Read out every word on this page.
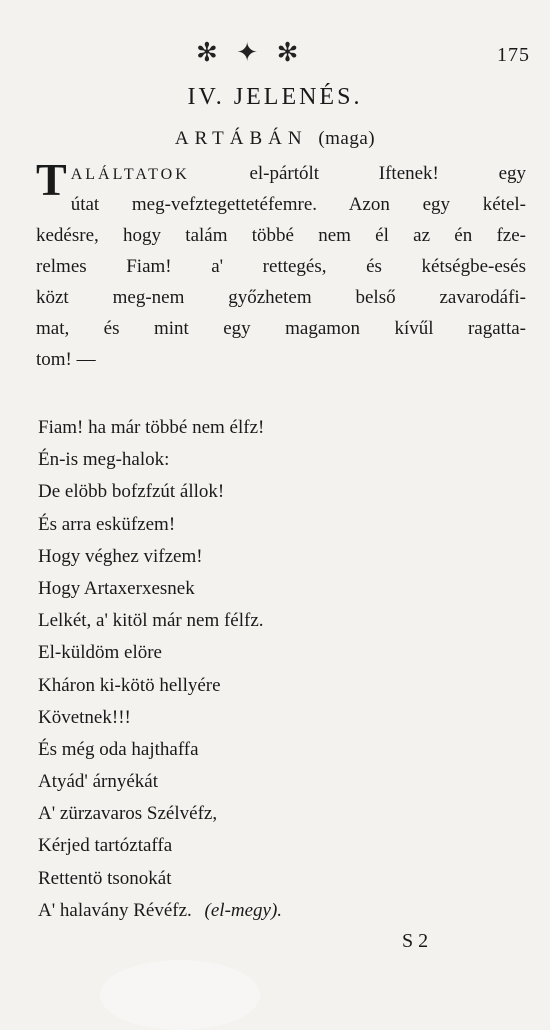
✻ ✦ ✻	175
IV. JELENÉS.
ARTÁBÁN (maga)
T ALÁLTATOK	el-pártólt Iftenek! egy
útat meg-vefztegettetéfemre. Azon egy kétel-
kedésre, hogy talám többé nem él az én fze-
relmes Fiam! a' rettegés, és kétségbe-esés
közt meg-nem győzhetem belső zavarodáfi-
mat, és mint egy magamon kívűl ragatta-
tom! —
Fiam! ha már többé nem élfz!
Én-is meg-halok:
De elöbb bofzfzút állok!
És arra esküfzem!
Hogy véghez vifzem!
Hogy Artaxerxesnek
Lelkét, a' kitöl már nem félfz.
El-küldöm elöre
Kháron ki-kötö hellyére
Követnek!!!
És még oda hajthaffa
Atyád' árnyékát
A' zürzavaros Szélvéfz,
Kérjed tartóztaffa
Rettentö tsonokát
A' halavány Révéfz. (el-megy).
S 2
